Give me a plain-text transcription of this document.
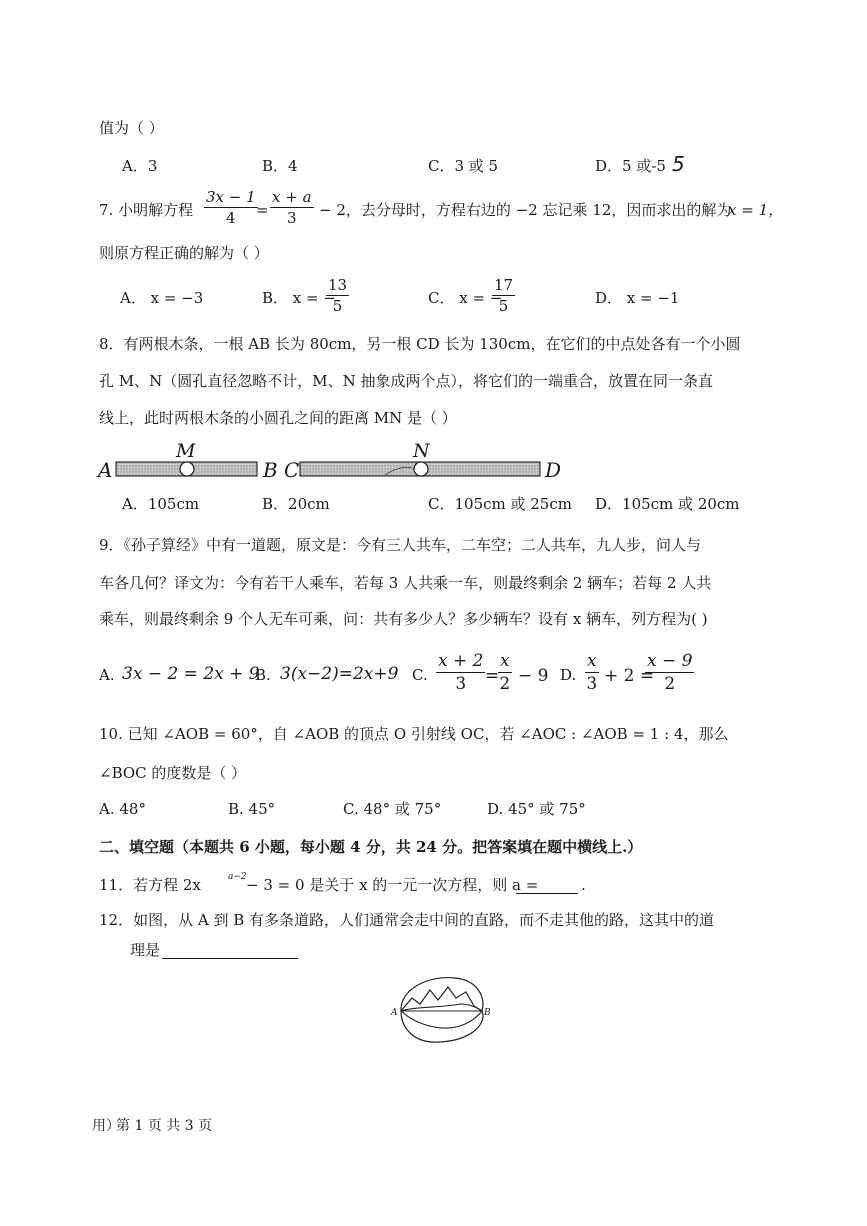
值为（ ）
A．3	B．4	C．3 或 5	D．5 或-5 5
7. 小明解方程 $\frac{3x - 1}{4}$
= $\frac{x + a}{3} - 2$，去分母时，方程右边的 −2 忘记乘 12，因而求出的解为
x = 1，
则原方程正确的解为（ ）
A． x = −3	B． x = −
$\frac{13}{5}$	C． x = −
$\frac{17}{5}$	D． x = −1
8．有两根木条，一根 AB 长为 80cm，另一根 CD 长为 130cm，在它们的中点处各有一个小圆
孔 M、N（圆孔直径忽略不计，M、N 抽象成两个点），将它们的一端重合，放置在同一条直
线上，此时两根木条的小圆孔之间的距离 MN 是（ ）
A
M
B C
N
D
A．105cm	B．20cm	C．105cm 或 25cm D．105cm 或 20cm
9．《孙子算经》中有一道题，原文是：今有三人共车，二车空；二人共车，九人步，问人与
车各几何？译文为：今有若干人乘车，若每 3 人共乘一车，则最终剩余 2 辆车；若每 2 人共
乘车，则最终剩余 9 个人无车可乘，问：共有多少人？多少辆车？设有 x 辆车，列方程为( )
A. 3x − 2 = 2x + 9
B. 3(x−2)=2x+9 C. $\frac{x + 2}{3}$ =
$\frac{x}{2} - 9$ D. $\frac{x}{3} + 2$ =
$\frac{x - 9}{2}$
10. 已知 ∠AOB = 60°，自 ∠AOB 的顶点 O 引射线 OC，若 ∠AOC : ∠AOB = 1 : 4，那么
∠BOC 的度数是（ ）
A. 48°	B. 45°	C. 48° 或 75°	D. 45° 或 75°
二、填空题（本题共 6 小题，每小题 4 分，共 24 分。把答案填在题中横线上.）
11．若方程 2x	a−2 − 3 = 0 是关于 x 的一元一次方程，则 a =	.
12．如图，从 A 到 B 有多条道路，人们通常会走中间的直路，而不走其他的路，这其中的道
理是
A	B
用）
第 1 页 共 3 页
